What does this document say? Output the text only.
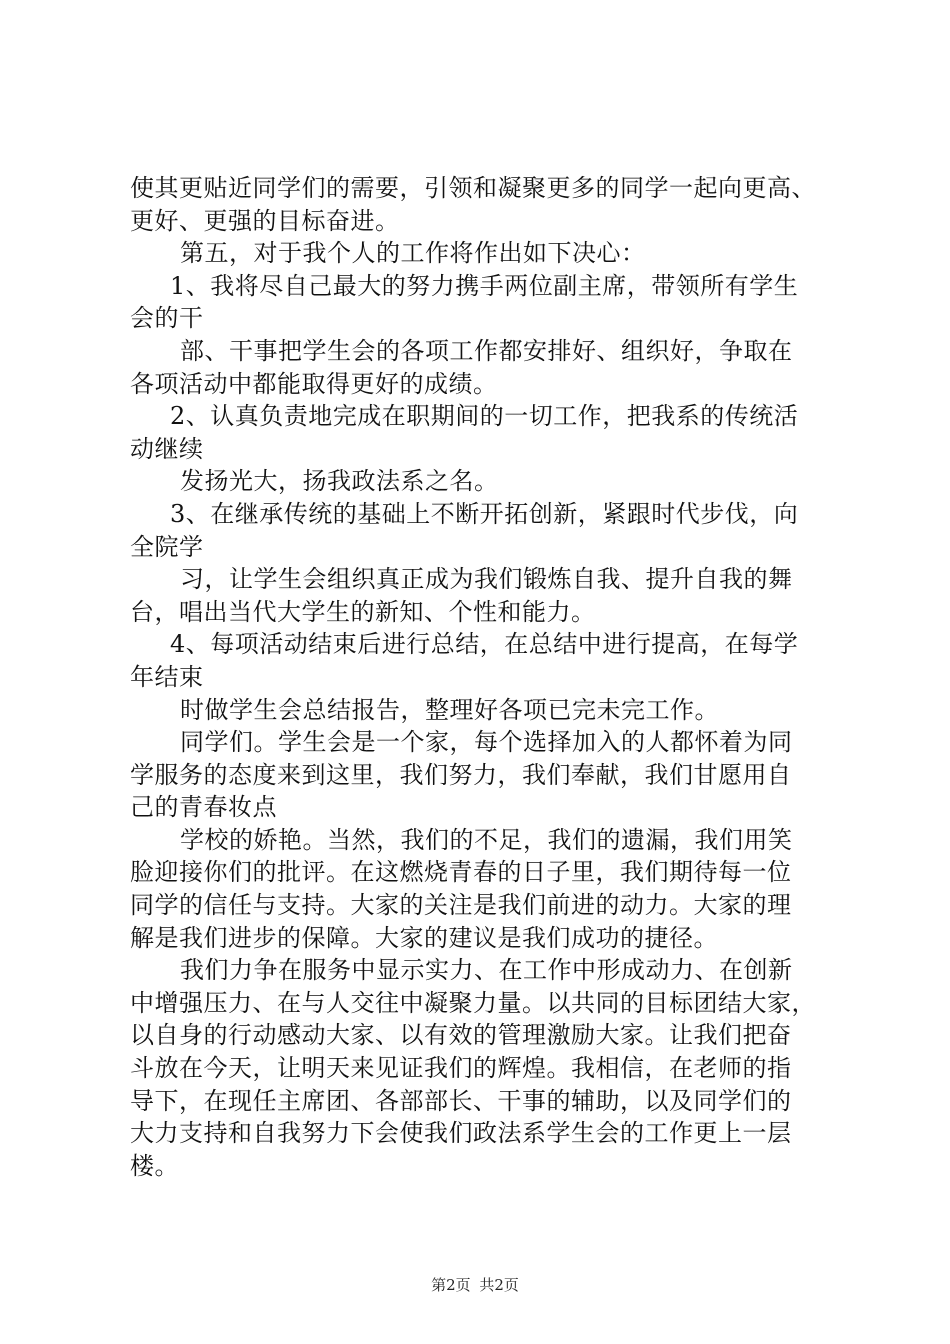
使其更贴近同学们的需要，引领和凝聚更多的同学一起向更高、
更好、更强的目标奋进。
第五，对于我个人的工作将作出如下决心：
1、我将尽自己最大的努力携手两位副主席，带领所有学生
会的干
部、干事把学生会的各项工作都安排好、组织好，争取在
各项活动中都能取得更好的成绩。
2、认真负责地完成在职期间的一切工作，把我系的传统活
动继续
发扬光大，扬我政法系之名。
3、在继承传统的基础上不断开拓创新，紧跟时代步伐，向
全院学
习，让学生会组织真正成为我们锻炼自我、提升自我的舞
台，唱出当代大学生的新知、个性和能力。
4、每项活动结束后进行总结，在总结中进行提高，在每学
年结束
时做学生会总结报告，整理好各项已完未完工作。
同学们。学生会是一个家，每个选择加入的人都怀着为同
学服务的态度来到这里，我们努力，我们奉献，我们甘愿用自
己的青春妆点
学校的娇艳。当然，我们的不足，我们的遗漏，我们用笑
脸迎接你们的批评。在这燃烧青春的日子里，我们期待每一位
同学的信任与支持。大家的关注是我们前进的动力。大家的理
解是我们进步的保障。大家的建议是我们成功的捷径。
我们力争在服务中显示实力、在工作中形成动力、在创新
中增强压力、在与人交往中凝聚力量。以共同的目标团结大家，
以自身的行动感动大家、以有效的管理激励大家。让我们把奋
斗放在今天，让明天来见证我们的辉煌。我相信，在老师的指
导下，在现任主席团、各部部长、干事的辅助，以及同学们的
大力支持和自我努力下会使我们政法系学生会的工作更上一层
楼。
第2页 共2页
